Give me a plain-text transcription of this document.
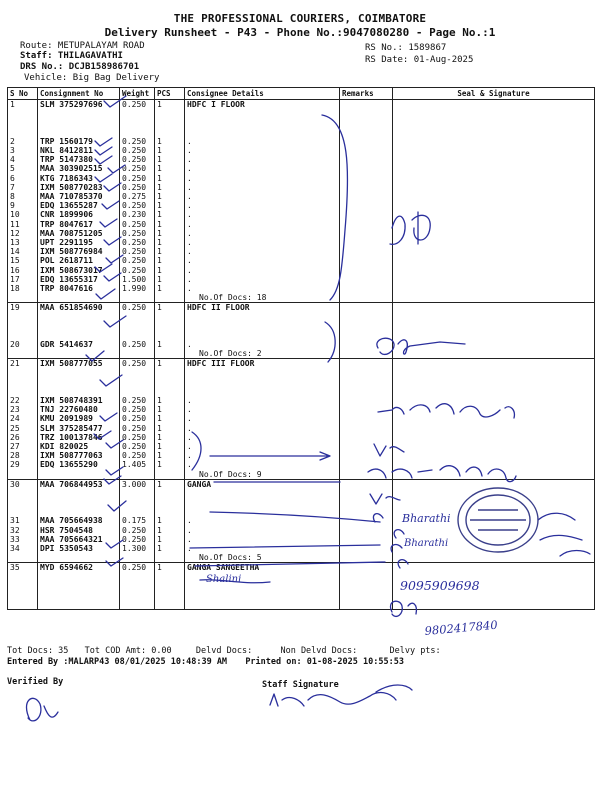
THE PROFESSIONAL COURIERS, COIMBATORE
Delivery Runsheet - P43 - Phone No.:9047080280 - Page No.:1
Route: METUPALAYAM ROAD
Staff: THILAGAVATHI
DRS No.: DCJB158986701
Vehicle: Big Bag Delivery
RS No.: 1589867
RS Date: 01-Aug-2025
S No	Consignment No	Weight	PCS	Consignee Details	Remarks	Seal & Signature
1	SLM 375297696	0.250	1	HDFC I FLOOR		

2	TRP 1560179	0.250	1	.		
3	NKL 8412811	0.250	1	.		
4	TRP 5147380	0.250	1	.		
5	MAA 303902515	0.250	1	.		
6	KTG 7186343	0.250	1	.		
7	IXM 508770283	0.250	1	.		
8	MAA 710785370	0.275	1	.		
9	EDQ 13655287	0.250	1	.		
10	CNR 1899906	0.230	1	.		
11	TRP 8047617	0.250	1	.		
12	MAA 708751205	0.250	1	.		
13	UPT 2291195	0.250	1	.		
14	IXM 508776984	0.250	1	.		
15	POL 2618711	0.250	1	.		
16	IXM 508673017	0.250	1	.		
17	EDQ 13655317	1.500	1	.		
18	TRP 8047616	1.990	1	.		
				No.Of Docs: 18		
19	MAA 651854690	0.250	1	HDFC II FLOOR		

20	GDR 5414637	0.250	1	.		
				No.Of Docs: 2		
21	IXM 508777055	0.250	1	HDFC III FLOOR		

22	IXM 508748391	0.250	1	.		
23	TNJ 22760480	0.250	1	.		
24	KMU 2091989	0.250	1	.		
25	SLM 375285477	0.250	1	.		
26	TRZ 100137846	0.250	1	.		
27	KDI 820025	0.250	1	.		
28	IXM 508777063	0.250	1	.		
29	EDQ 13655290	1.405	1	.		
				No.Of Docs: 9		
30	MAA 706844953	3.000	1	GANGA		

31	MAA 705664938	0.175	1	.		
32	HSR 7504548	0.250	1	.		
33	MAA 705664321	0.250	1	.		
34	DPI 5350543	1.300	1	.		
				No.Of Docs: 5		
35	MYD 6594662	0.250	1	GANGA SANGEETHA		

Tot Docs: 35 Tot COD Amt: 0.00	Delvd Docs:	Non Delvd Docs:	Delvy pts:
Entered By :MALARP43 08/01/2025 10:48:39 AM Printed on: 01-08-2025 10:55:53
Verified By	Staff Signature
Bharathi
Bharathi
Shalini	9095909698
9802417840
